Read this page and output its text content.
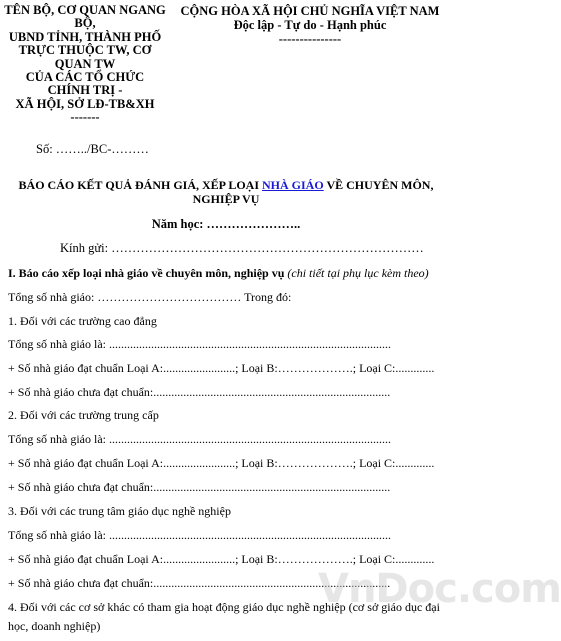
TÊN BỘ, CƠ QUAN NGANG
BỘ,
UBND TỈNH, THÀNH PHỐ
TRỰC THUỘC TW, CƠ
QUAN TW
CỦA CÁC TỔ CHỨC
CHÍNH TRỊ -
XÃ HỘI, SỞ LĐ-TB&XH
-------
CỘNG HÒA XÃ HỘI CHỦ NGHĨA VIỆT NAM
Độc lập - Tự do - Hạnh phúc
---------------
Số: ……../BC-………
BÁO CÁO KẾT QUẢ ĐÁNH GIÁ, XẾP LOẠI NHÀ GIÁO VỀ CHUYÊN MÔN,
NGHIỆP VỤ
Năm học: …………………..
Kính gửi: …………………………………………………………………
I. Báo cáo xếp loại nhà giáo về chuyên môn, nghiệp vụ (chi tiết tại phụ lục kèm theo)
Tổng số nhà giáo: ……………………………… Trong đó:
1. Đối với các trường cao đẳng
Tổng số nhà giáo là: ..............................................................................................
+ Số nhà giáo đạt chuẩn Loại A:........................; Loại B:……………….; Loại C:.............
+ Số nhà giáo chưa đạt chuẩn:...............................................................................
2. Đối với các trường trung cấp
Tổng số nhà giáo là: ..............................................................................................
+ Số nhà giáo đạt chuẩn Loại A:........................; Loại B:……………….; Loại C:.............
+ Số nhà giáo chưa đạt chuẩn:...............................................................................
3. Đối với các trung tâm giáo dục nghề nghiệp
Tổng số nhà giáo là: ..............................................................................................
+ Số nhà giáo đạt chuẩn Loại A:........................; Loại B:……………….; Loại C:.............
+ Số nhà giáo chưa đạt chuẩn:...............................................................................
4. Đối với các cơ sở khác có tham gia hoạt động giáo dục nghề nghiệp (cơ sở giáo dục đại học, doanh nghiệp)
VnDoc.com
